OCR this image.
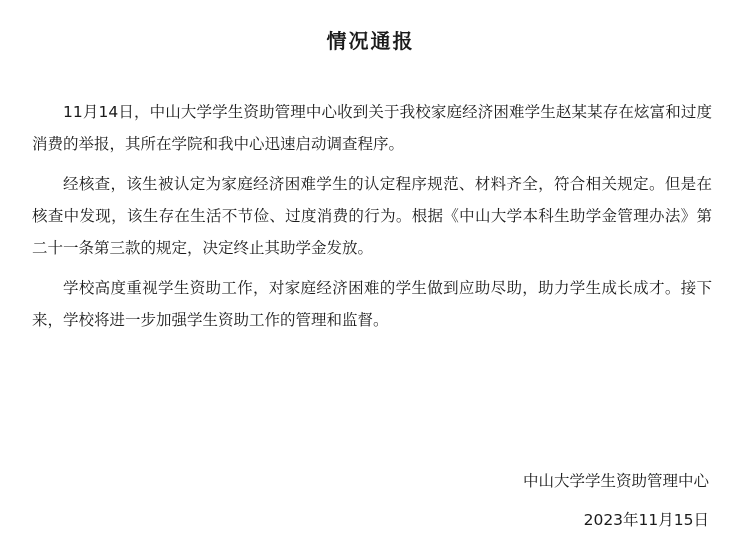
情况通报

11月14日，中山大学学生资助管理中心收到关于我校家庭经济困难学生赵某某存在炫富和过度消费的举报，其所在学院和我中心迅速启动调查程序。

经核查，该生被认定为家庭经济困难学生的认定程序规范、材料齐全，符合相关规定。但是在核查中发现，该生存在生活不节俭、过度消费的行为。根据《中山大学本科生助学金管理办法》第二十一条第三款的规定，决定终止其助学金发放。

学校高度重视学生资助工作，对家庭经济困难的学生做到应助尽助，助力学生成长成才。接下来，学校将进一步加强学生资助工作的管理和监督。

中山大学学生资助管理中心
2023年11月15日
